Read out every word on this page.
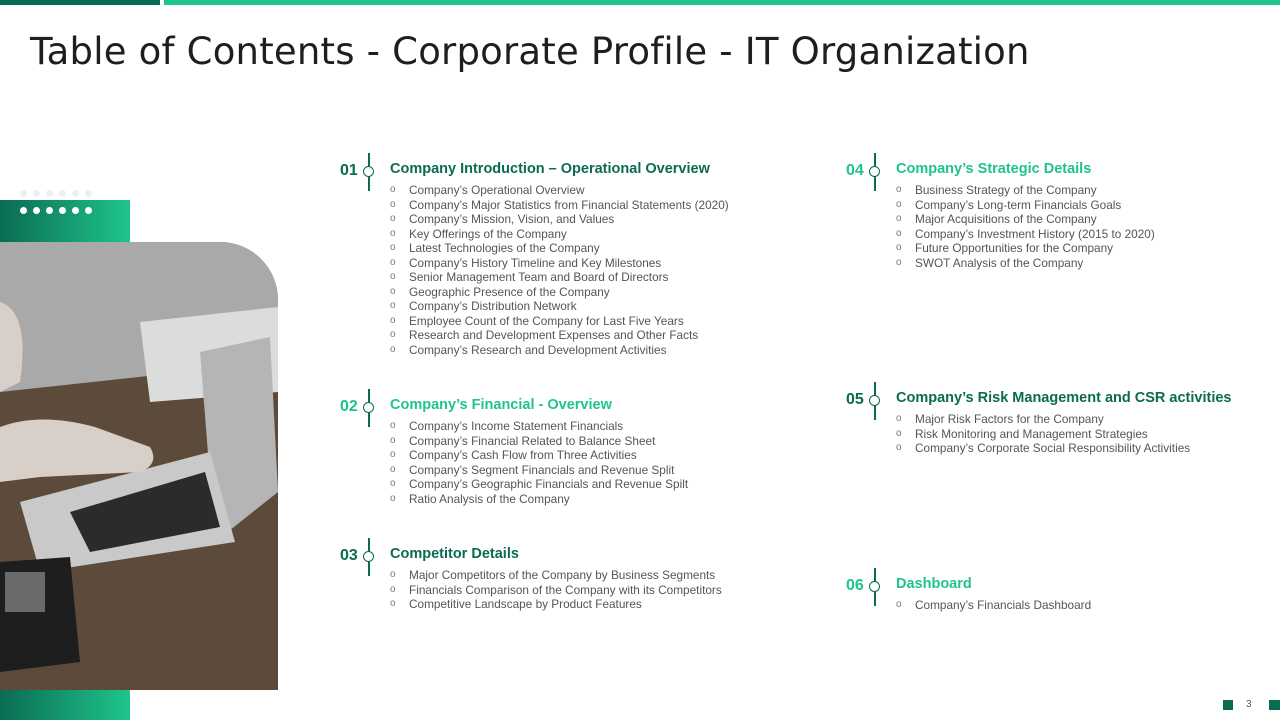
Table of Contents - Corporate Profile - IT Organization
01 Company Introduction – Operational Overview
o Company’s Operational Overview
o Company’s Major Statistics from Financial Statements (2020)
o Company’s Mission, Vision, and Values
o Key Offerings of the Company
o Latest Technologies of the Company
o Company’s History Timeline and Key Milestones
o Senior Management Team and Board of Directors
o Geographic Presence of the Company
o Company’s Distribution Network
o Employee Count of the Company for Last Five Years
o Research and Development Expenses and Other Facts
o Company’s Research and Development Activities
02 Company’s Financial - Overview
o Company’s Income Statement Financials
o Company’s Financial Related to Balance Sheet
o Company’s Cash Flow from Three Activities
o Company’s Segment Financials and Revenue Split
o Company’s Geographic Financials and Revenue Spilt
o Ratio Analysis of the Company
03 Competitor Details
o Major Competitors of the Company by Business Segments
o Financials Comparison of the Company with its Competitors
o Competitive Landscape by Product Features
04 Company’s Strategic Details
o Business Strategy of the Company
o Company’s Long-term Financials Goals
o Major Acquisitions of the Company
o Company’s Investment History (2015 to 2020)
o Future Opportunities for the Company
o SWOT Analysis of the Company
05 Company’s Risk Management and CSR activities
o Major Risk Factors for the Company
o Risk Monitoring and Management Strategies
o Company’s Corporate Social Responsibility Activities
06 Dashboard
o Company’s Financials Dashboard
3
